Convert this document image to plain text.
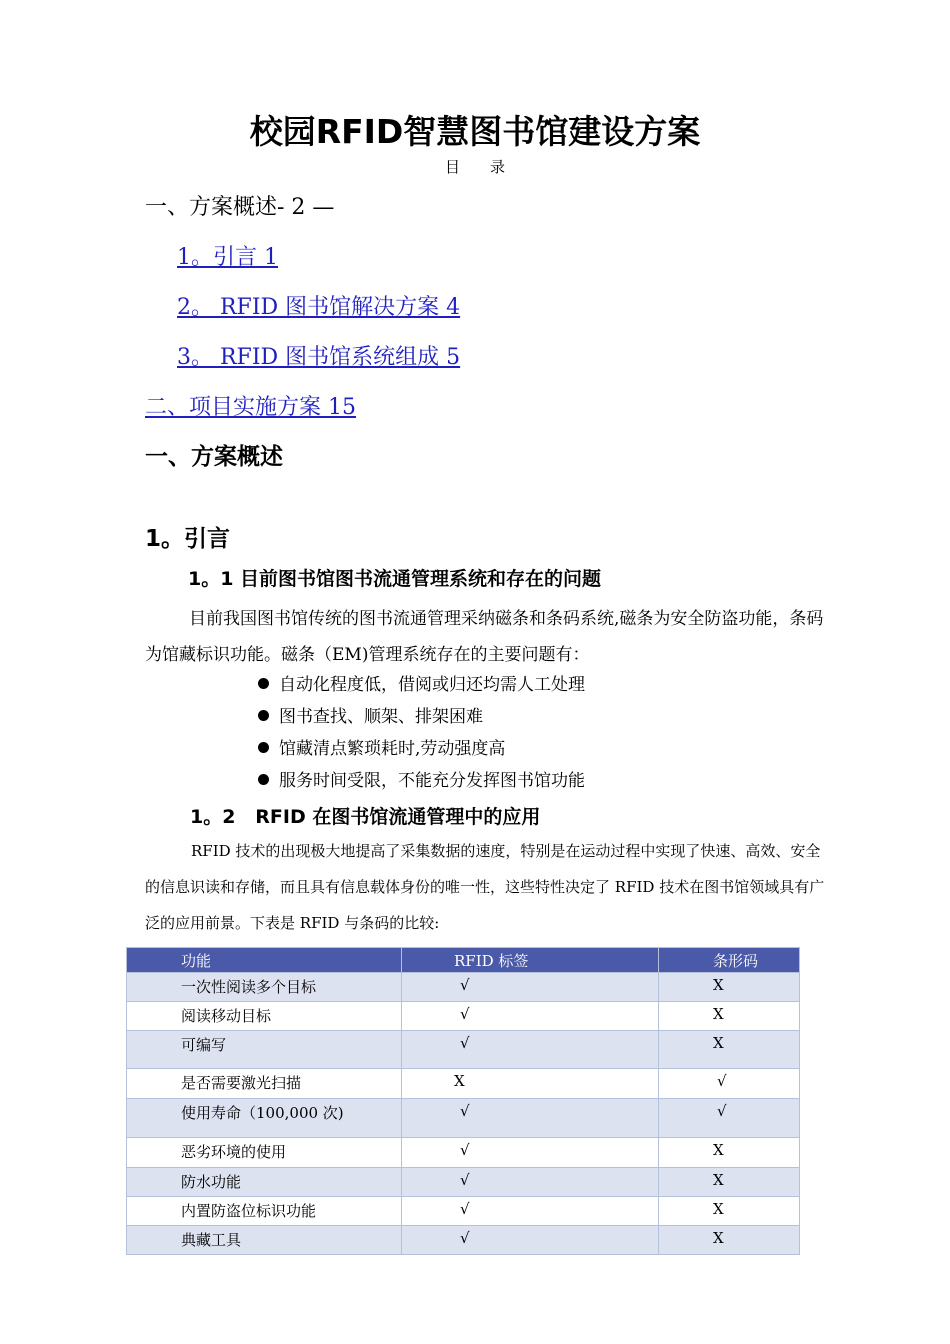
校园RFID智慧图书馆建设方案
目 录
一、方案概述- 2 —
1。引言 1
2。 RFID 图书馆解决方案 4
3。 RFID 图书馆系统组成 5
二、项目实施方案 15
一、方案概述
1。引言
1。1 目前图书馆图书流通管理系统和存在的问题
目前我国图书馆传统的图书流通管理采纳磁条和条码系统,磁条为安全防盗功能，条码为馆藏标识功能。磁条（EM)管理系统存在的主要问题有：
自动化程度低，借阅或归还均需人工处理
图书查找、顺架、排架困难
馆藏清点繁琐耗时,劳动强度高
服务时间受限，不能充分发挥图书馆功能
1。2   RFID 在图书馆流通管理中的应用
RFID 技术的出现极大地提高了采集数据的速度，特别是在运动过程中实现了快速、高效、安全的信息识读和存储，而且具有信息载体身份的唯一性，这些特性决定了 RFID 技术在图书馆领域具有广泛的应用前景。下表是 RFID 与条码的比较:
功能	RFID 标签	条形码
一次性阅读多个目标	√	X
阅读移动目标	√	X
可编写	√	X
是否需要激光扫描	X	√
使用寿命（100,000 次)	√	√
恶劣环境的使用	√	X
防水功能	√	X
内置防盗位标识功能	√	X
典藏工具	√	X
